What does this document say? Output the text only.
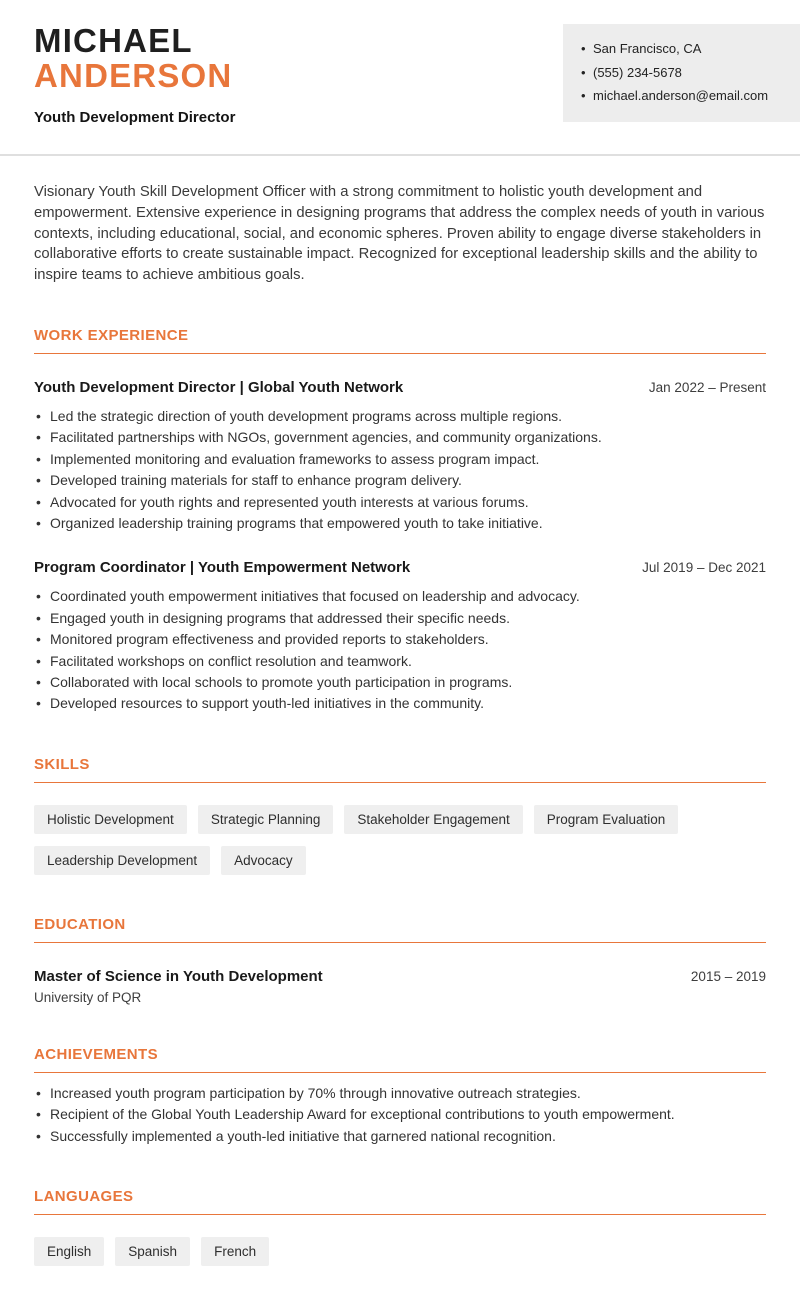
MICHAEL
ANDERSON
Youth Development Director
• San Francisco, CA
• (555) 234-5678
• michael.anderson@email.com

Visionary Youth Skill Development Officer with a strong commitment to holistic youth development and empowerment. Extensive experience in designing programs that address the complex needs of youth in various contexts, including educational, social, and economic spheres. Proven ability to engage diverse stakeholders in collaborative efforts to create sustainable impact. Recognized for exceptional leadership skills and the ability to inspire teams to achieve ambitious goals.

WORK EXPERIENCE
Youth Development Director | Global Youth Network	Jan 2022 – Present
• Led the strategic direction of youth development programs across multiple regions.
• Facilitated partnerships with NGOs, government agencies, and community organizations.
• Implemented monitoring and evaluation frameworks to assess program impact.
• Developed training materials for staff to enhance program delivery.
• Advocated for youth rights and represented youth interests at various forums.
• Organized leadership training programs that empowered youth to take initiative.
Program Coordinator | Youth Empowerment Network	Jul 2019 – Dec 2021
• Coordinated youth empowerment initiatives that focused on leadership and advocacy.
• Engaged youth in designing programs that addressed their specific needs.
• Monitored program effectiveness and provided reports to stakeholders.
• Facilitated workshops on conflict resolution and teamwork.
• Collaborated with local schools to promote youth participation in programs.
• Developed resources to support youth-led initiatives in the community.
SKILLS
Holistic Development	Strategic Planning	Stakeholder Engagement	Program Evaluation
Leadership Development	Advocacy
EDUCATION
Master of Science in Youth Development	2015 – 2019
University of PQR
ACHIEVEMENTS
• Increased youth program participation by 70% through innovative outreach strategies.
• Recipient of the Global Youth Leadership Award for exceptional contributions to youth empowerment.
• Successfully implemented a youth-led initiative that garnered national recognition.
LANGUAGES
English	Spanish	French
